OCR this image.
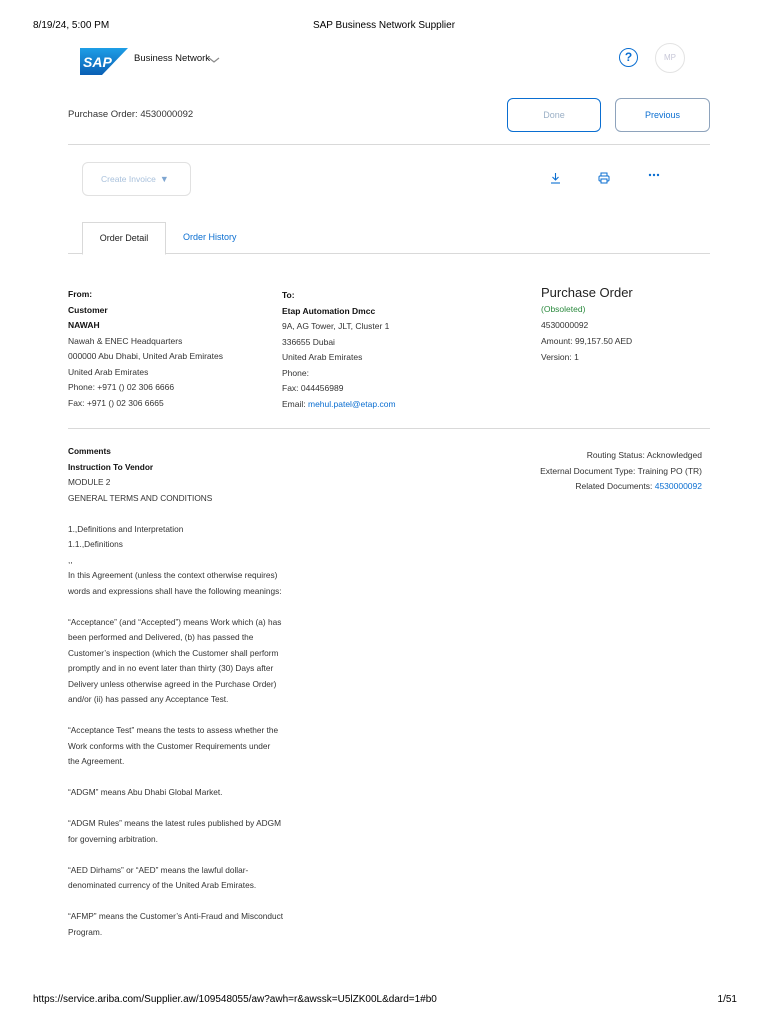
8/19/24, 5:00 PM	SAP Business Network Supplier
SAP Business Network	?	MP
Purchase Order: 4530000092	Done	Previous
Create Invoice ▼
Order Detail	Order History
From:
Customer
NAWAH
Nawah & ENEC Headquarters
000000 Abu Dhabi, United Arab Emirates
United Arab Emirates
Phone: +971 () 02 306 6666
Fax: +971 () 02 306 6665
To:
Etap Automation Dmcc
9A, AG Tower, JLT, Cluster 1
336655 Dubai
United Arab Emirates
Phone:
Fax: 044456989
Email: mehul.patel@etap.com
Purchase Order
(Obsoleted)
4530000092
Amount: 99,157.50 AED
Version: 1
Routing Status: Acknowledged
External Document Type: Training PO (TR)
Related Documents: 4530000092
Comments
Instruction To Vendor
MODULE 2
GENERAL TERMS AND CONDITIONS
1.,Definitions and Interpretation
1.1.,Definitions
,,
In this Agreement (unless the context otherwise requires) words and expressions shall have the following meanings:
“Acceptance” (and “Accepted”) means Work which (a) has been performed and Delivered, (b) has passed the Customer’s inspection (which the Customer shall perform promptly and in no event later than thirty (30) Days after Delivery unless otherwise agreed in the Purchase Order) and/or (ii) has passed any Acceptance Test.
“Acceptance Test” means the tests to assess whether the Work conforms with the Customer Requirements under the Agreement.
“ADGM” means Abu Dhabi Global Market.
“ADGM Rules” means the latest rules published by ADGM for governing arbitration.
“AED Dirhams” or “AED” means the lawful dollar-denominated currency of the United Arab Emirates.
“AFMP” means the Customer’s Anti-Fraud and Misconduct Program.
https://service.ariba.com/Supplier.aw/109548055/aw?awh=r&awssk=U5lZK00L&dard=1#b0	1/51
